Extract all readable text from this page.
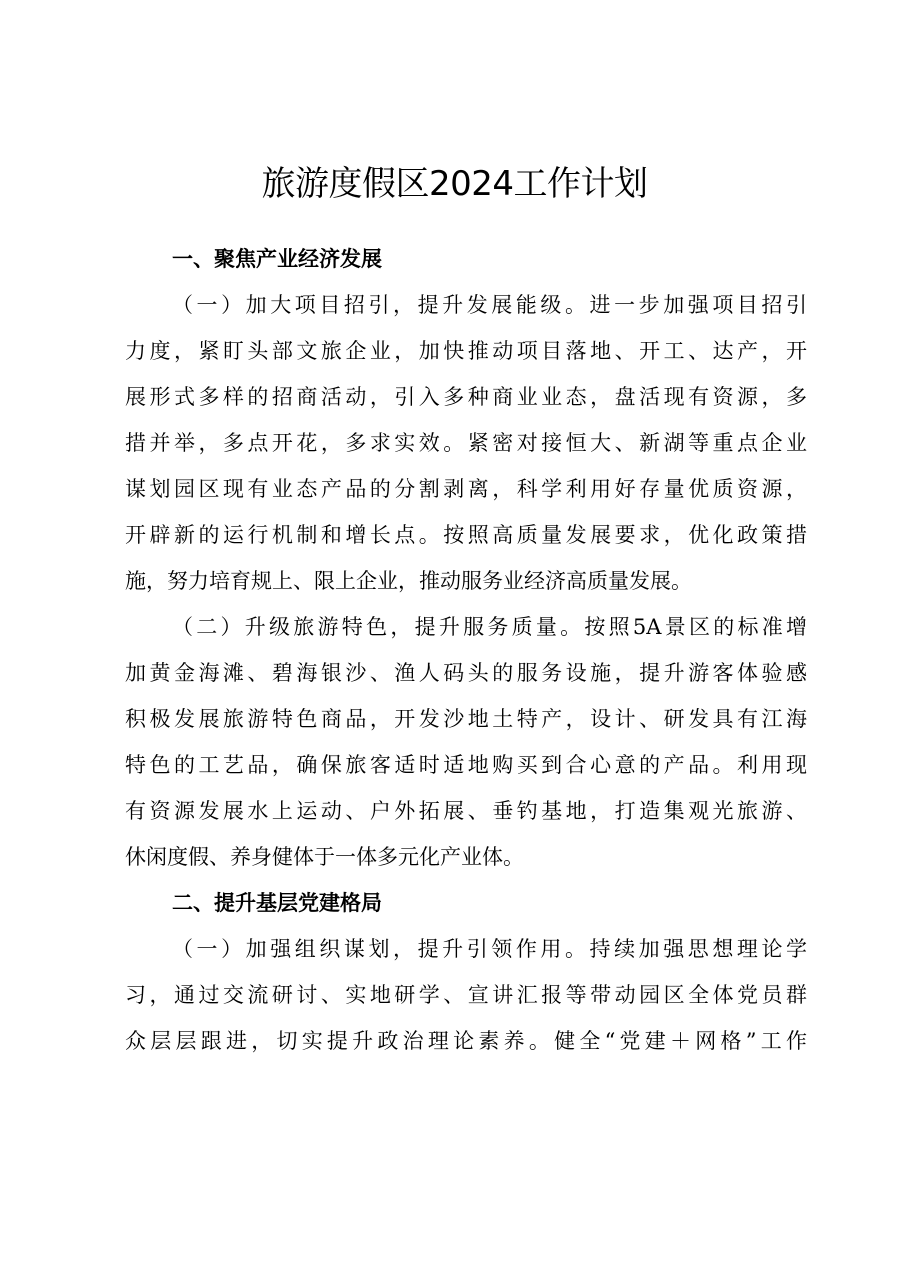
旅游度假区2024工作计划
一、聚焦产业经济发展
（一）加大项目招引，提升发展能级。进一步加强项目招引
力度，紧盯头部文旅企业，加快推动项目落地、开工、达产，开
展形式多样的招商活动，引入多种商业业态，盘活现有资源，多
措并举，多点开花，多求实效。紧密对接恒大、新湖等重点企业
谋划园区现有业态产品的分割剥离，科学利用好存量优质资源，
开辟新的运行机制和增长点。按照高质量发展要求，优化政策措
施，努力培育规上、限上企业，推动服务业经济高质量发展。
（二）升级旅游特色，提升服务质量。按照5A景区的标准增
加黄金海滩、碧海银沙、渔人码头的服务设施，提升游客体验感
积极发展旅游特色商品，开发沙地土特产，设计、研发具有江海
特色的工艺品，确保旅客适时适地购买到合心意的产品。利用现
有资源发展水上运动、户外拓展、垂钓基地，打造集观光旅游、
休闲度假、养身健体于一体多元化产业体。
二、提升基层党建格局
（一）加强组织谋划，提升引领作用。持续加强思想理论学
习，通过交流研讨、实地研学、宣讲汇报等带动园区全体党员群
众层层跟进，切实提升政治理论素养。健全“党建＋网格”工作
